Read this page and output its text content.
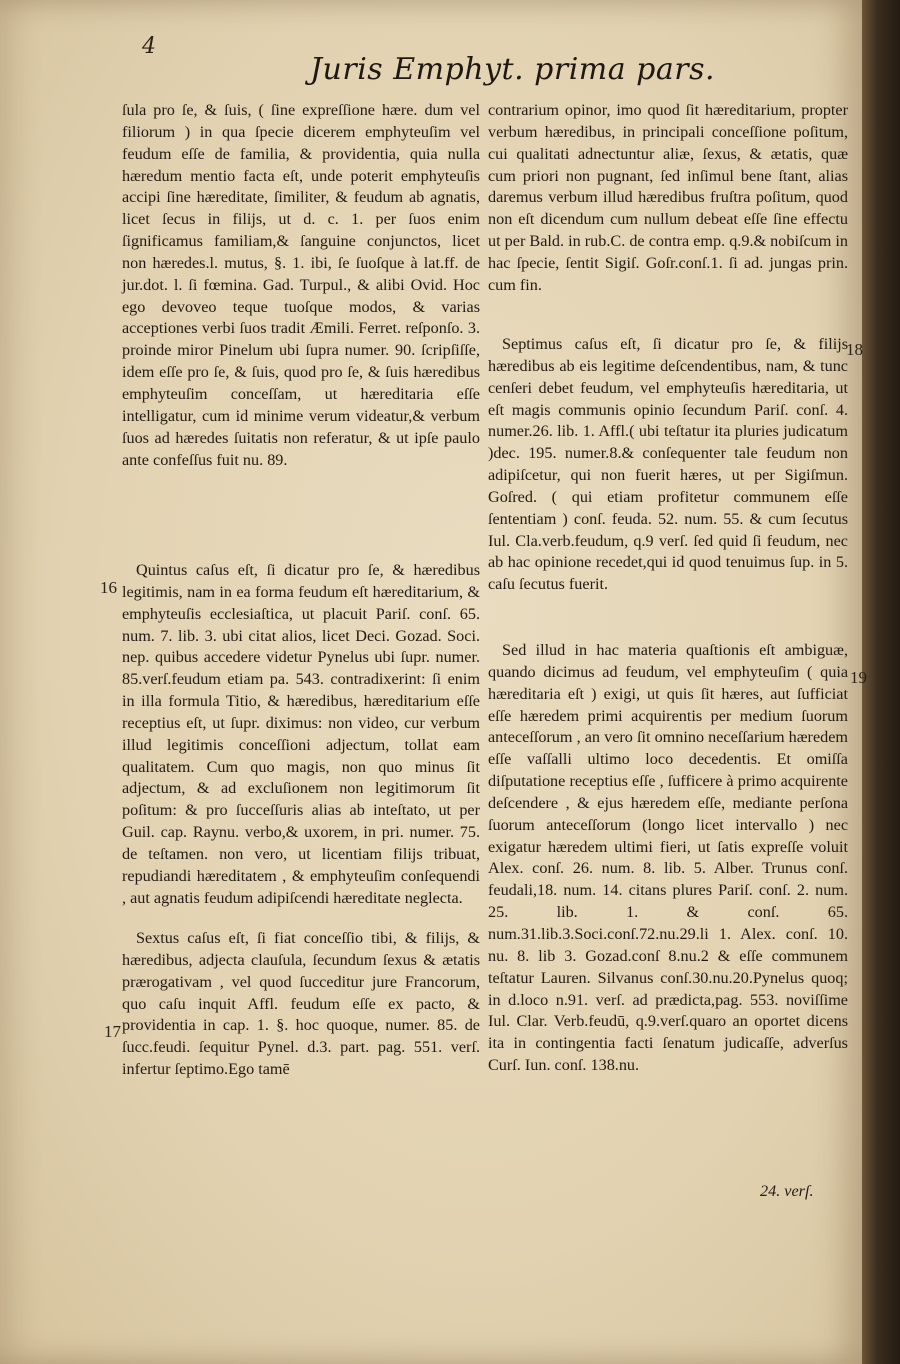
4
Juris Emphyt. prima pars.

ſula pro ſe, & ſuis, ( ſine expreſſione hære. dum vel filiorum ) in qua ſpecie dicerem emphyteuſim vel feudum eſſe de familia, & providentia, quia nulla hæredum mentio facta eſt, unde poterit emphyteuſis accipi ſine hæreditate, ſimiliter, & feudum ab agnatis, licet ſecus in filijs, ut d. c. 1. per ſuos enim ſignificamus familiam,& ſanguine conjunctos, licet non hæredes.l. mutus, §. 1. ibi, ſe ſuoſque à lat.ff. de jur.dot. l. ſi fœmina. Gad. Turpul., & alibi Ovid. Hoc ego devoveo teque tuoſque modos, & varias acceptiones verbi ſuos tradit Æmili. Ferret. reſponſo. 3. proinde miror Pinelum ubi ſupra numer. 90. ſcripſiſſe, idem eſſe pro ſe, & ſuis, quod pro ſe, & ſuis hæredibus emphyteuſim conceſſam, ut hæreditaria eſſe intelligatur, cum id minime verum videatur,& verbum ſuos ad hæredes ſuitatis non referatur, & ut ipſe paulo ante confeſſus fuit nu. 89.

Quintus caſus eſt, ſi dicatur pro ſe, & hæredibus legitimis, nam in ea forma feudum eſt hæreditarium, & emphyteuſis ecclesiaſtica, ut placuit Pariſ. conſ. 65. num. 7. lib. 3. ubi citat alios, licet Deci. Gozad. Soci. nep. quibus accedere videtur Pynelus ubi ſupr. numer. 85.verſ.feudum etiam pa. 543. contradixerint: ſi enim in illa formula Titio, & hæredibus, hæreditarium eſſe receptius eſt, ut ſupr. diximus: non video, cur verbum illud legitimis conceſſioni adjectum, tollat eam qualitatem. Cum quo magis, non quo minus ſit adjectum, & ad excluſionem non legitimorum ſit poſitum: & pro ſucceſſuris alias ab inteſtato, ut per Guil. cap. Raynu. verbo,& uxorem, in pri. numer. 75. de teſtamen. non vero, ut licentiam filijs tribuat, repudiandi hæreditatem , & emphyteuſim conſequendi , aut agnatis feudum adipiſcendi hæreditate neglecta.

Sextus caſus eſt, ſi fiat conceſſio tibi, & filijs, & hæredibus, adjecta clauſula, ſecundum ſexus & ætatis prærogativam , vel quod ſucceditur jure Francorum, quo caſu inquit Affl. feudum eſſe ex pacto, & providentia in cap. 1. §. hoc quoque, numer. 85. de ſucc.feudi. ſequitur Pynel. d.3. part. pag. 551. verſ. infertur ſeptimo.Ego tamē

contrarium opinor, imo quod ſit hæreditarium, propter verbum hæredibus, in principali conceſſione poſitum, cui qualitati adnectuntur aliæ, ſexus, & ætatis, quæ cum priori non pugnant, ſed inſimul bene ſtant, alias daremus verbum illud hæredibus fruſtra poſitum, quod non eſt dicendum cum nullum debeat eſſe ſine effectu ut per Bald. in rub.C. de contra emp. q.9.& nobiſcum in hac ſpecie, ſentit Sigiſ. Goſr.conſ.1. ſi ad. jungas prin. cum fin.

Septimus caſus eſt, ſi dicatur pro ſe, & filijs hæredibus ab eis legitime deſcendentibus, nam, & tunc cenſeri debet feudum, vel emphyteuſis hæreditaria, ut eſt magis communis opinio ſecundum Pariſ. conſ. 4. numer.26. lib. 1. Affl.( ubi teſtatur ita pluries judicatum )dec. 195. numer.8.& conſequenter tale feudum non adipiſcetur, qui non fuerit hæres, ut per Sigiſmun. Goſred. ( qui etiam profitetur communem eſſe ſententiam ) conſ. feuda. 52. num. 55. & cum ſecutus Iul. Cla.verb.feudum, q.9 verſ. ſed quid ſi feudum, nec ab hac opinione recedet,qui id quod tenuimus ſup. in 5. caſu ſecutus fuerit.

Sed illud in hac materia quaſtionis eſt ambiguæ, quando dicimus ad feudum, vel emphyteuſim ( quia hæreditaria eſt ) exigi, ut quis ſit hæres, aut ſufficiat eſſe hæredem primi acquirentis per medium ſuorum anteceſſorum , an vero ſit omnino neceſſarium hæredem eſſe vaſſalli ultimo loco decedentis. Et omiſſa diſputatione receptius eſſe , ſufficere à primo acquirente deſcendere , & ejus hæredem eſſe, mediante perſona ſuorum anteceſſorum (longo licet intervallo ) nec exigatur hæredem ultimi fieri, ut ſatis expreſſe voluit Alex. conſ. 26. num. 8. lib. 5. Alber. Trunus conſ. feudali,18. num. 14. citans plures Pariſ. conſ. 2. num. 25. lib. 1. & conſ. 65. num.31.lib.3.Soci.conſ.72.nu.29.li 1. Alex. conſ. 10. nu. 8. lib 3. Gozad.conſ 8.nu.2 & eſſe communem teſtatur Lauren. Silvanus conſ.30.nu.20.Pynelus quoq; in d.loco n.91. verſ. ad prædicta,pag. 553. noviſſime Iul. Clar. Verb.feudū, q.9.verſ.quaro an oportet dicens ita in contingentia facti ſenatum judicaſſe, adverſus Curſ. Iun. conſ. 138.nu.

24. verſ.
16
17
18
19
